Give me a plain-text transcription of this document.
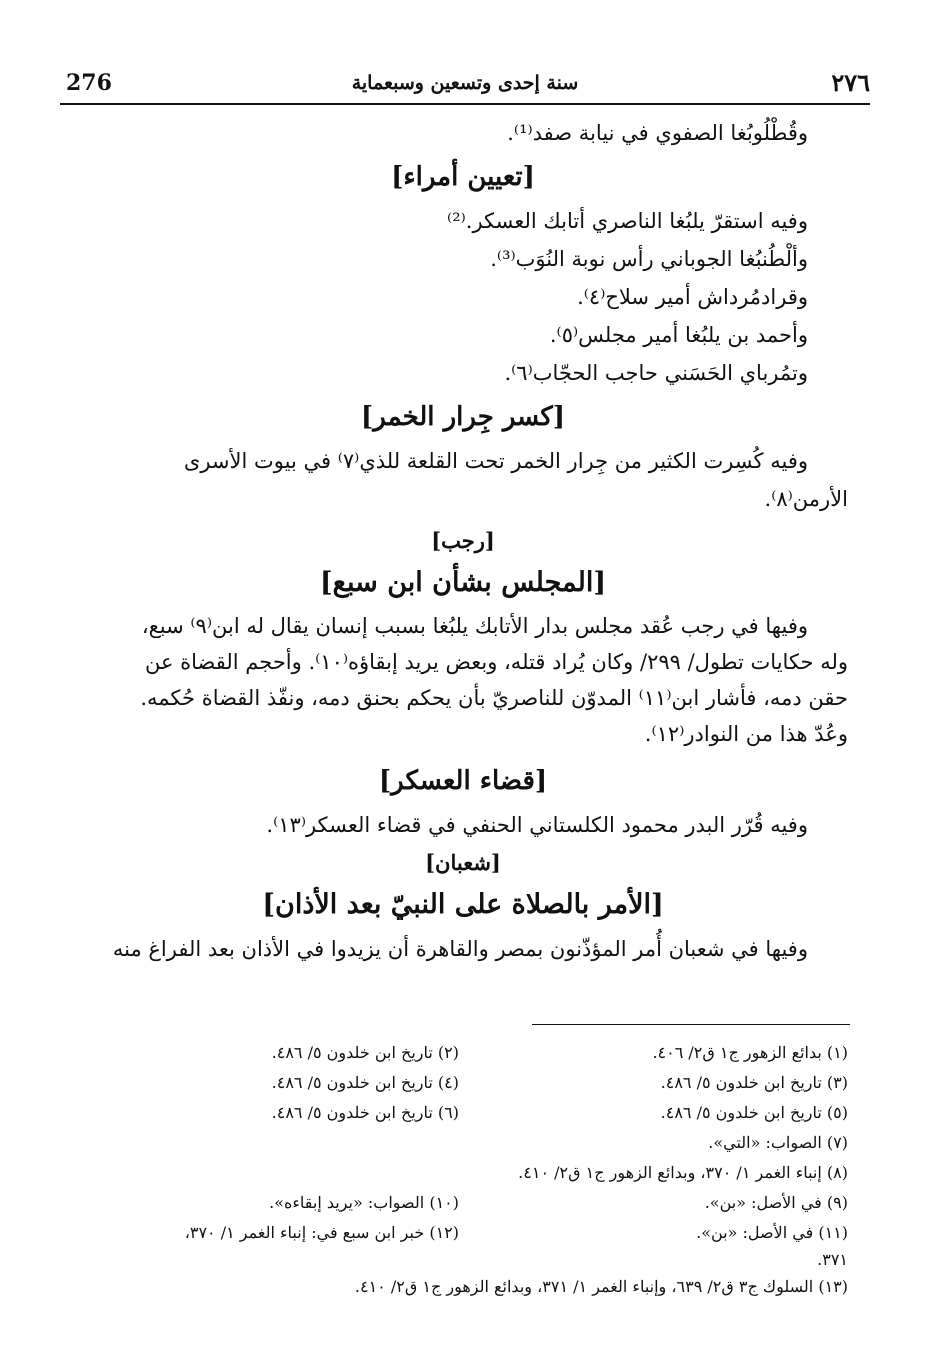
276	سنة إحدى وتسعين وسبعماية	٢٧٦
وقُطْلُوبُغا الصفوي في نيابة صفد⁽¹⁾.
[تعيين أمراء]
وفيه استقرّ يلبُغا الناصري أتابك العسكر.⁽²⁾
وألْطُنبُغا الجوباني رأس نوبة النُوَب⁽³⁾.
وقرادمُرداش أمير سلاح⁽٤⁾.
وأحمد بن يلبُغا أمير مجلس⁽٥⁾.
وتمُرباي الحَسَني حاجب الحجّاب⁽٦⁾.
[كسر جِرار الخمر]
وفيه كُسِرت الكثير من جِرار الخمر تحت القلعة للذي⁽٧⁾ في بيوت الأسرى
الأرمن⁽٨⁾.
[رجب]
[المجلس بشأن ابن سبع]
وفيها في رجب عُقد مجلس بدار الأتابك يلبُغا بسبب إنسان يقال له ابن⁽٩⁾ سبع،
وله حكايات تطول/ ٢٩٩/ وكان يُراد قتله، وبعض يريد إبقاؤه⁽١٠⁾. وأحجم القضاة عن
حقن دمه، فأشار ابن⁽١١⁾ المدوّن للناصريّ بأن يحكم بحنق دمه، ونفّذ القضاة حُكمه.
وعُدّ هذا من النوادر⁽١٢⁾.
[قضاء العسكر]
وفيه قُرّر البدر محمود الكلستاني الحنفي في قضاء العسكر⁽١٣⁾.
[شعبان]
[الأمر بالصلاة على النبيّ بعد الأذان]
وفيها في شعبان أُمر المؤذّنون بمصر والقاهرة أن يزيدوا في الأذان بعد الفراغ منه
(١) بدائع الزهور ج١ ق٢/ ٤٠٦.
(٢) تاريخ ابن خلدون ٥/ ٤٨٦.
(٣) تاريخ ابن خلدون ٥/ ٤٨٦.
(٤) تاريخ ابن خلدون ٥/ ٤٨٦.
(٥) تاريخ ابن خلدون ٥/ ٤٨٦.
(٦) تاريخ ابن خلدون ٥/ ٤٨٦.
(٧) الصواب: «التي».
(٨) إنباء الغمر ١/ ٣٧٠، وبدائع الزهور ج١ ق٢/ ٤١٠.
(٩) في الأصل: «بن».
(١٠) الصواب: «يريد إبقاءه».
(١١) في الأصل: «بن».
(١٢) خبر ابن سبع في: إنباء الغمر ١/ ٣٧٠،
٣٧١.
(١٣) السلوك ج٣ ق٢/ ٦٣٩، وإنباء الغمر ١/ ٣٧١، وبدائع الزهور ج١ ق٢/ ٤١٠.
